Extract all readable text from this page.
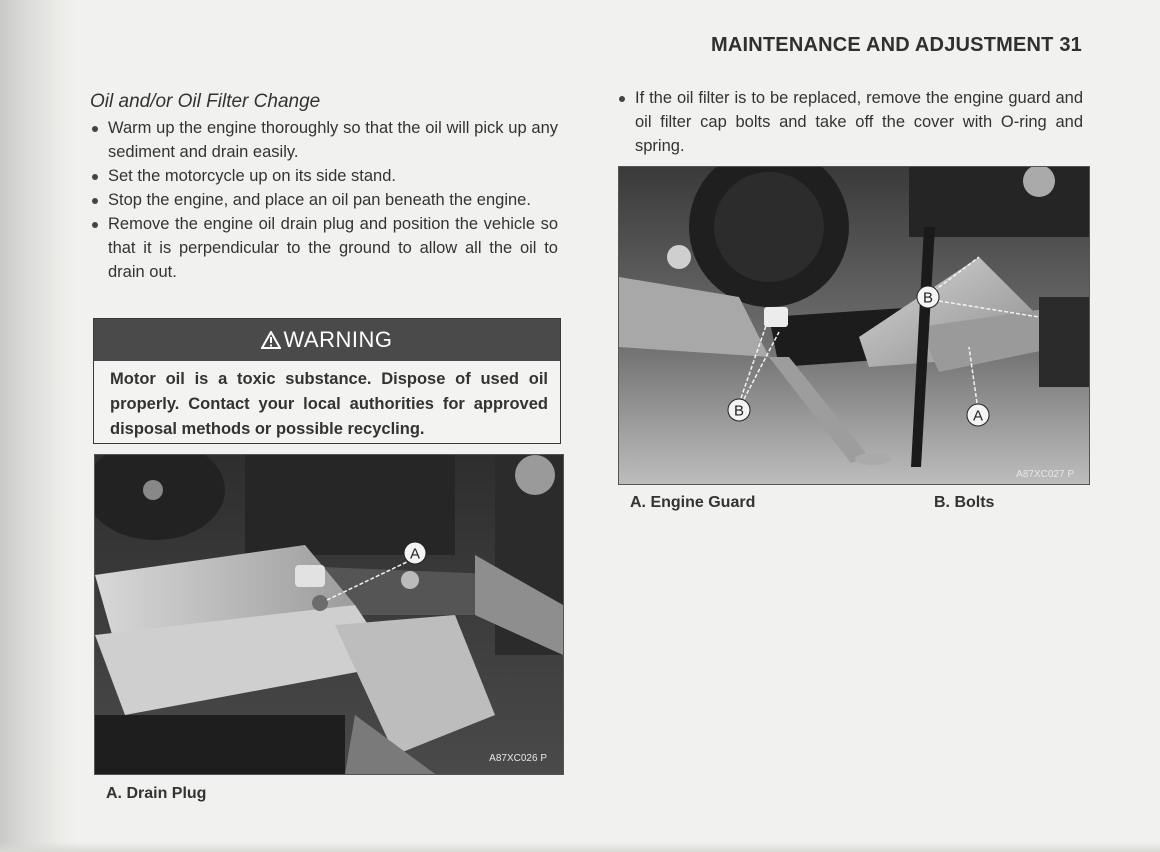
MAINTENANCE AND ADJUSTMENT 31
Oil and/or Oil Filter Change
Warm up the engine thoroughly so that the oil will pick up any sediment and drain easily.
Set the motorcycle up on its side stand.
Stop the engine, and place an oil pan beneath the engine.
Remove the engine oil drain plug and position the vehicle so that it is perpendicular to the ground to allow all the oil to drain out.
WARNING
Motor oil is a toxic substance. Dispose of used oil properly. Contact your local authorities for approved disposal methods or possible recycling.
A
A87XC026 P
A. Drain Plug
If the oil filter is to be replaced, remove the engine guard and oil filter cap bolts and take off the cover with O-ring and spring.
B
B	A
A87XC027 P
A. Engine Guard	B. Bolts
